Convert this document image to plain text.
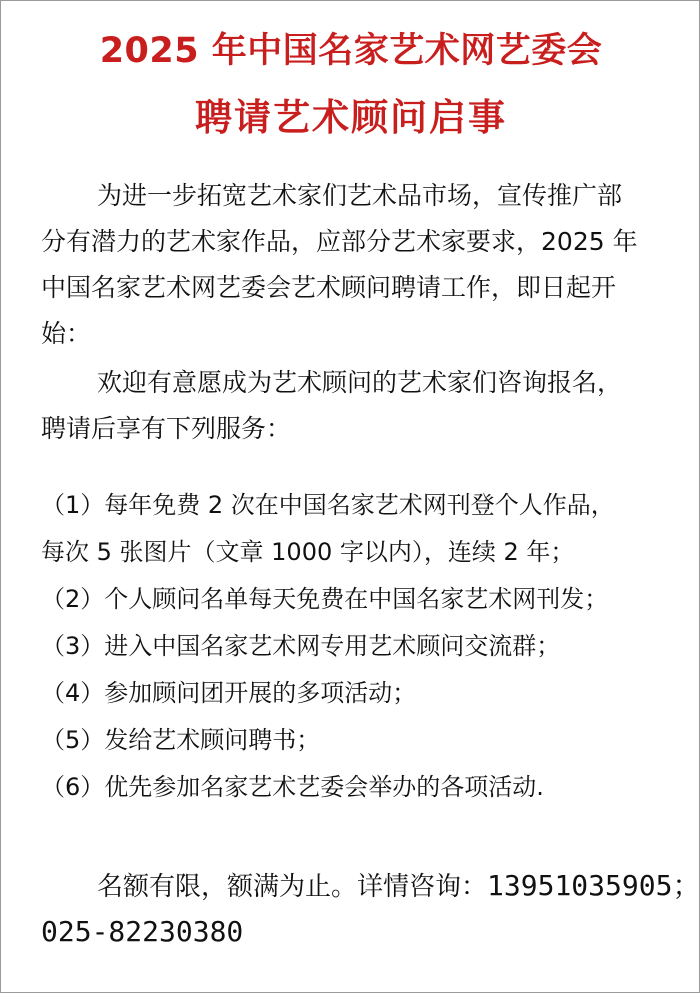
2025 年中国名家艺术网艺委会
聘请艺术顾问启事
为进一步拓宽艺术家们艺术品市场，宣传推广部
分有潜力的艺术家作品，应部分艺术家要求，2025 年
中国名家艺术网艺委会艺术顾问聘请工作，即日起开
始：
欢迎有意愿成为艺术顾问的艺术家们咨询报名，
聘请后享有下列服务：
（1）每年免费 2 次在中国名家艺术网刊登个人作品，
每次 5 张图片（文章 1000 字以内），连续 2 年；
（2）个人顾问名单每天免费在中国名家艺术网刊发；
（3）进入中国名家艺术网专用艺术顾问交流群；
（4）参加顾问团开展的多项活动；
（5）发给艺术顾问聘书；
（6）优先参加名家艺术艺委会举办的各项活动.
名额有限，额满为止。详情咨询：13951035905；
025-82230380
